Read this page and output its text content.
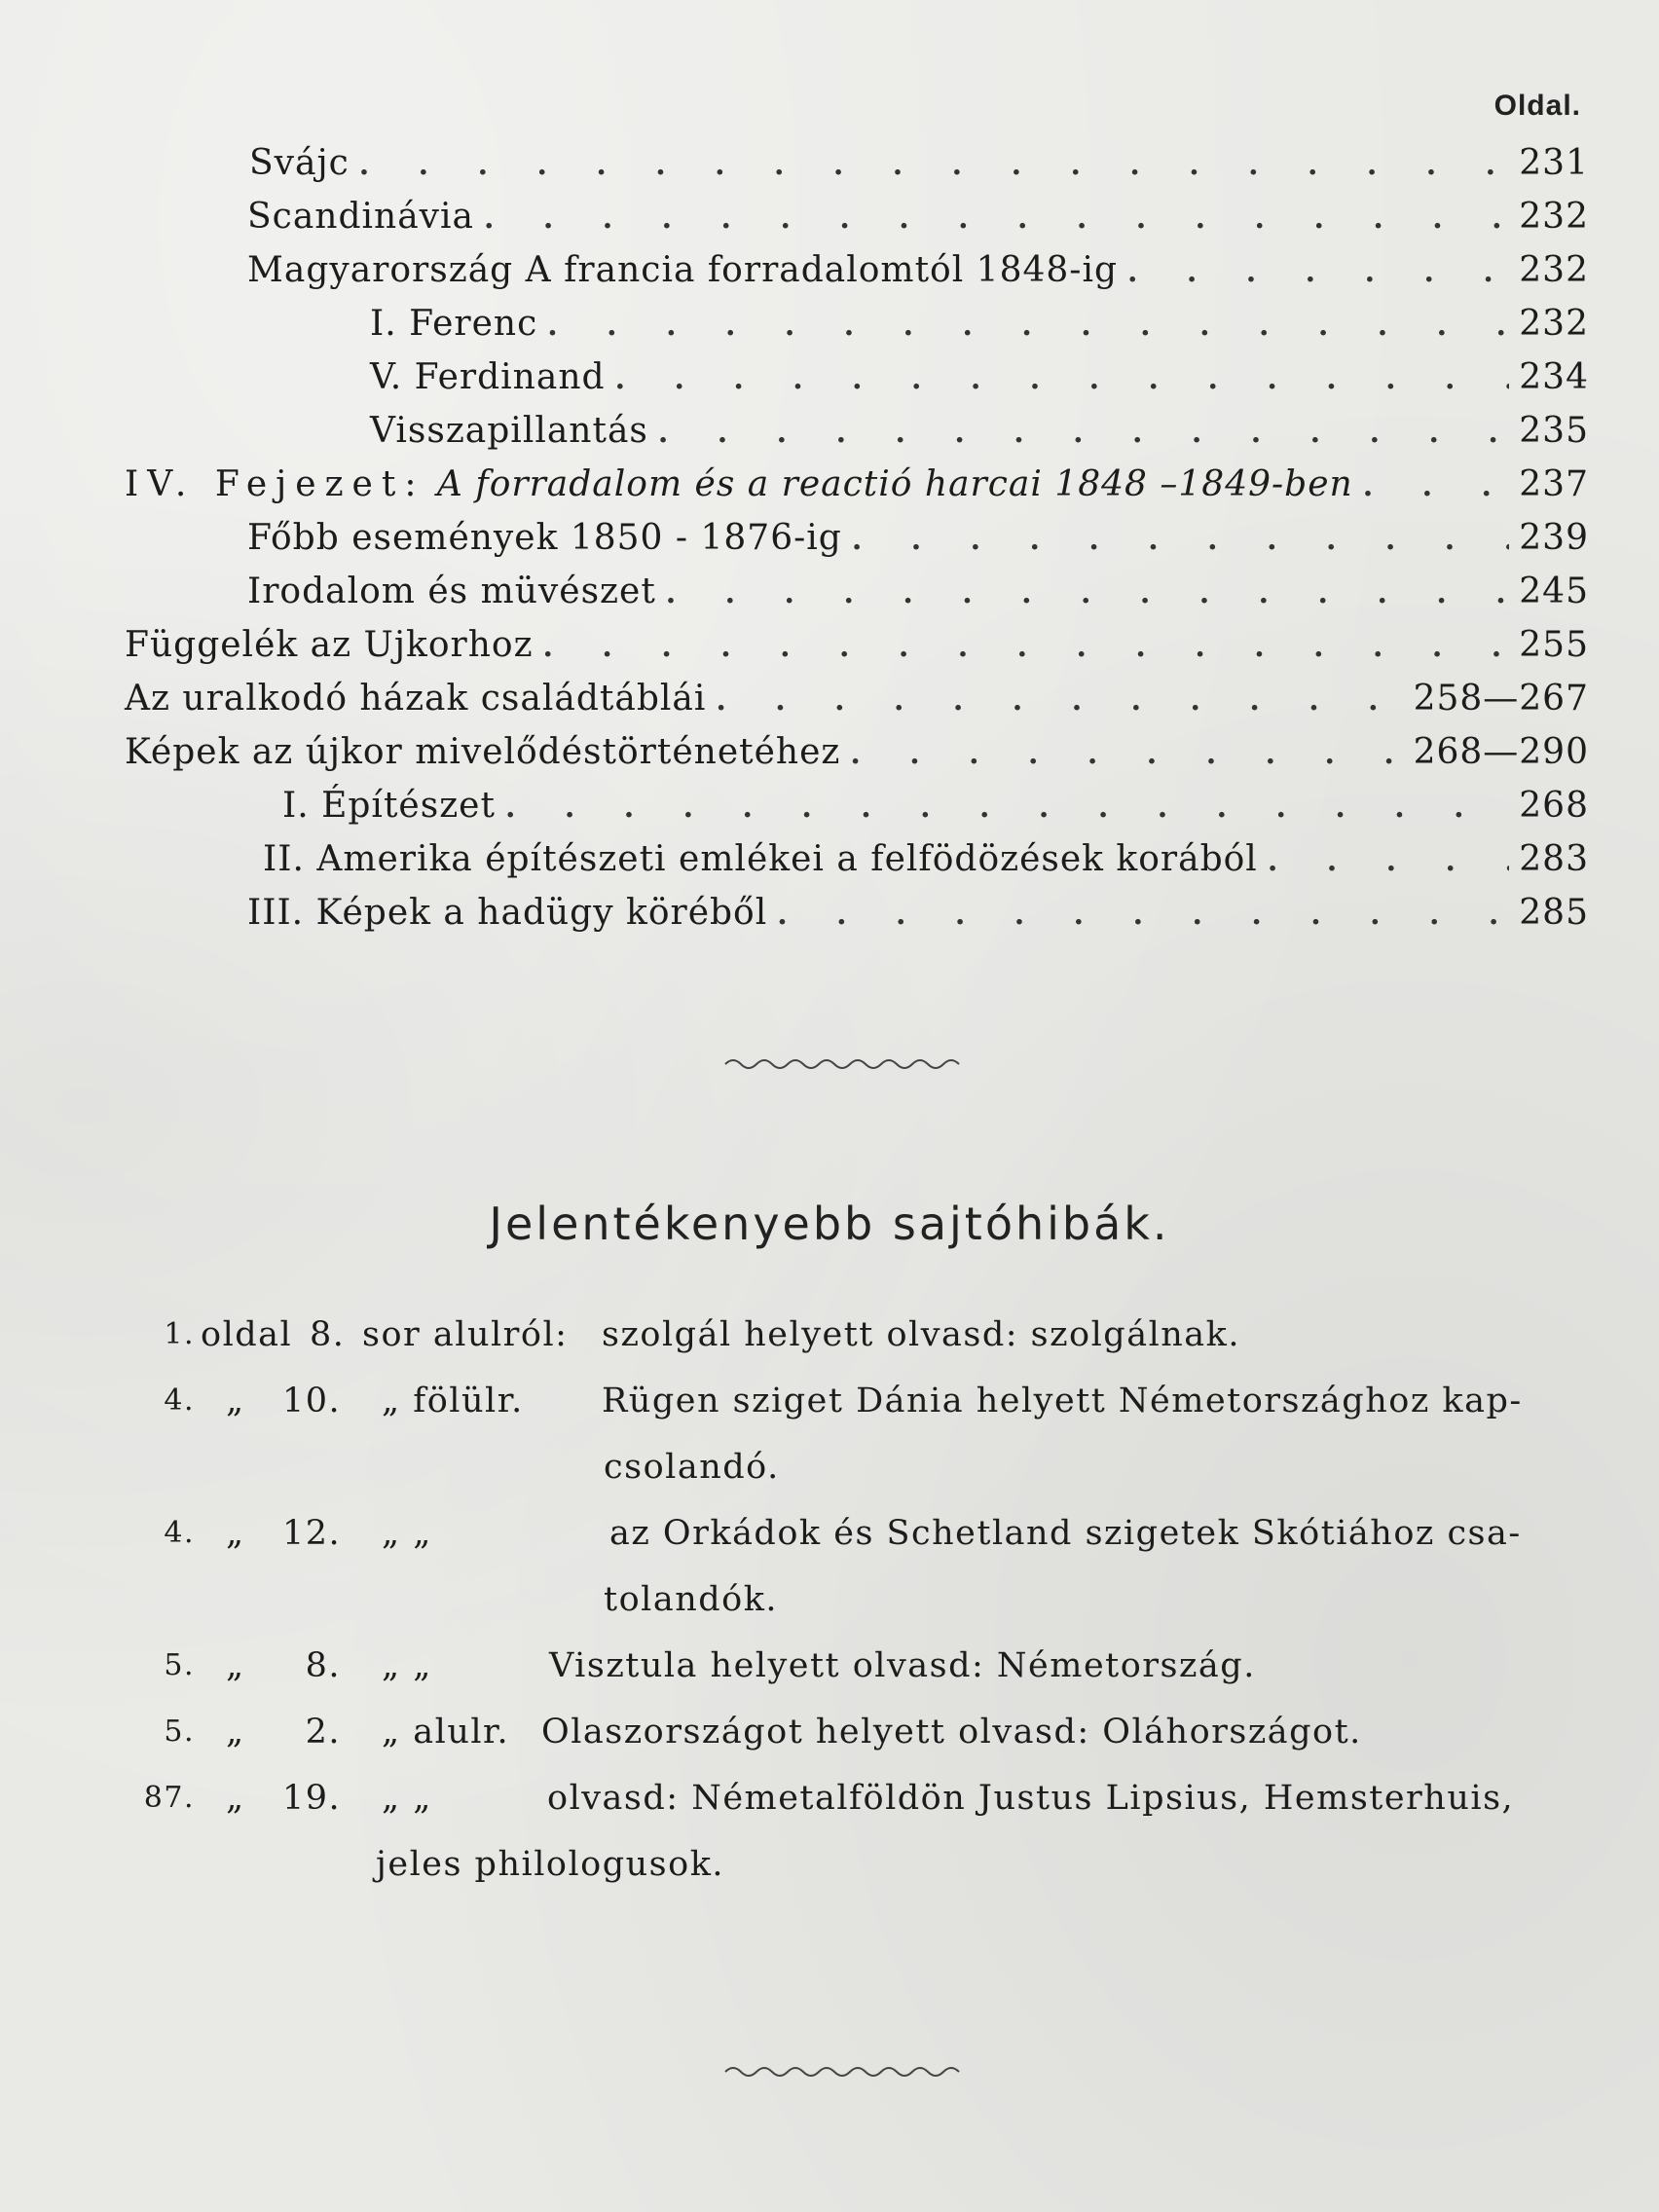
Oldal.
Svájc . . .	231
Scandinávia . . .	232
Magyarország A francia forradalomtól 1848-ig . . .	232
I. Ferenc . . .	232
V. Ferdinand . . .	234
Visszapillantás . . .	235
IV. Fejezet: A forradalom és a reactió harcai 1848 –1849-ben . . .	237
Főbb események 1850 - 1876-ig . . .	239
Irodalom és müvészet . . .	245
Függelék az Ujkorhoz . . .	255
Az uralkodó házak családtáblái . . .	258—267
Képek az újkor mivelődéstörténetéhez . . .	268—290
I. Építészet . . .	268
II. Amerika építészeti emlékei a felfödözések korából . . .	283
III. Képek a hadügy köréből . . .	285
Jelentékenyebb sajtóhibák.
1. oldal 8. sor alulról: szolgál helyett olvasd: szolgálnak.
4. „ 10. „ fölülr. Rügen sziget Dánia helyett Németországhoz kap-
csolandó.
4. „ 12. „ „	az Orkádok és Schetland szigetek Skótiához csa-
tolandók.
5. „	8. „ „	Visztula helyett olvasd: Németország.
5. „	2. „ alulr. Olaszországot helyett olvasd: Oláhországot.
87. „ 19. „ „	olvasd: Németalföldön Justus Lipsius, Hemsterhuis,
jeles philologusok.
